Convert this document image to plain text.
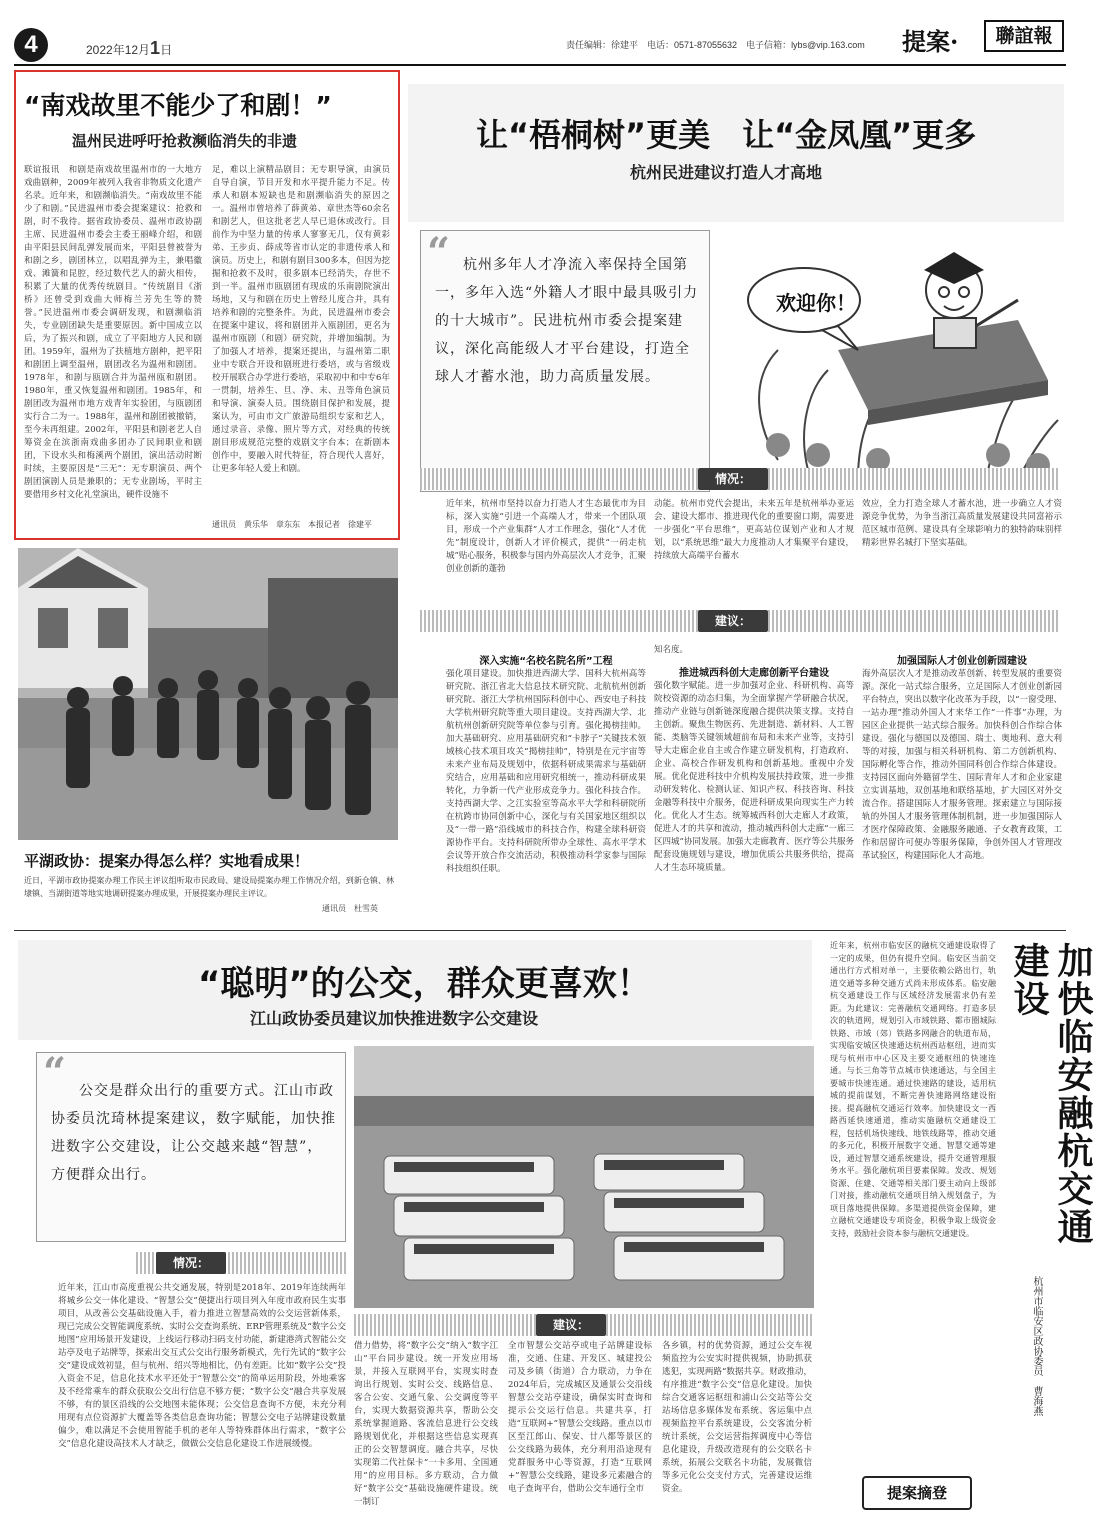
4	2022年12月1日	责任编辑：徐建平　电话：0571-87055632　电子信箱：lybs@vip.163.com 提案·	聯誼報
“南戏故里不能少了和剧！”
温州民进呼吁抢救濒临消失的非遗
联谊报讯　和剧是南戏故里温州市的一大地方戏曲剧种，2009年被列入我省非物质文化遗产名录。近年来，和剧濒临消失。“南戏故里不能少了和剧。”民进温州市委会提案建议：抢救和剧，时不我待。据省政协委员、温州市政协副主席、民进温州市委会主委王丽峰介绍，和剧由平阳县民间乱弹发展而来，平阳县曾被誉为和剧之乡，剧团林立，以唱乱弹为主，兼唱徽戏、滩簧和昆腔，经过数代艺人的薪火相传，积累了大量的优秀传统剧目。“传统剧目《浙桥》还曾受到戏曲大师梅兰芳先生等的赞誉。”民进温州市委会调研发现，和剧濒临消失，专业剧团缺失是重要原因。新中国成立以后，为了振兴和剧，成立了平阳地方人民和剧团。1959年，温州为了扶植地方剧种，把平阳和剧团上调至温州，剧团改名为温州和剧团。1978年，和剧与瓯剧合并为温州瓯和剧团。1980年，重又恢复温州和剧团。1985年，和剧团改为温州市地方戏青年实验团，与瓯剧团实行合二为一。1988年，温州和剧团被撤销，至今未再组建。2002年，平阳县和剧老艺人自筹资金在滨浙南戏曲多团办了民间职业和剧团，下设水头和梅溪两个剧团，演出活动时断时续，主要原因是“三无”：无专职演员、两个剧团演剧人员是兼职的；无专业剧场，平时主要借用乡村文化礼堂演出，硬件设施不
足，难以上演精品剧目；无专职导演，由演员自导自演，节目开发和水平提升能力不足。传承人和剧本短缺也是和剧濒临消失的原因之一。温州市曾培养了薛黄弟、章世杰等60余名和剧艺人，但这批老艺人早已退休或改行。目前作为中坚力量的传承人寥寥无几，仅有黄彩弟、王步贞、薛成等省市认定的非遗传承人和演员。历史上，和剧有剧目300多本，但因为挖掘和抢救不及时，很多剧本已经消失，存世不到一半。温州市瓯剧团有现成的乐南剧院演出场地，又与和剧在历史上曾经儿度合并，具有培养和剧的完整条件。为此，民进温州市委会在提案中建议，将和剧团并入瓯剧团，更名为温州市瓯剧（和剧）研究院，并增加编制。为了加强人才培养，提案还提出，与温州第二职业中专联合开设和剧班进行委培，或与省级戏校开展联合办学进行委培，采取初中和中专6年一贯制，培养生、旦、净、末、丑等角色演员和导演、演奏人员。围绕剧目保护和发展，提案认为，可由市文广旅游局组织专家和艺人，通过录音、录像、照片等方式，对经典的传统剧目形成规范完整的戏剧文字台本；在新剧本创作中，要融入时代特征，符合现代人喜好，让更多年轻人爱上和剧。
通讯员　黄乐华　章东东　本报记者　徐建平
平湖政协：提案办得怎么样？实地看成果！
近日，平湖市政协提案办理工作民主评议组听取市民政局、建设局提案办理工作情况介绍，到新仓镇、林埭镇、当湖街道等地实地调研提案办理成果，开展提案办理民主评议。
通讯员　杜雪英
让“梧桐树”更美　让“金凤凰”更多
杭州民进建议打造人才高地
“ 杭州多年人才净流入率保持全国第一，多年入选“外籍人才眼中最具吸引力的十大城市”。民进杭州市委会提案建议，深化高能级人才平台建设，打造全球人才蓄水池，助力高质量发展。
欢迎你！
情况：
近年来，杭州市坚持以奋力打造人才生态最优市为目标，深入实施“引进一个高端人才，带来一个团队项目，形成一个产业集群”人才工作理念，强化“人才优先”制度设计，创新人才评价模式，提供“一码走杭城”贴心服务，积极参与国内外高层次人才竞争，汇聚创业创新的蓬勃
动能。杭州市党代会提出，未来五年是杭州举办亚运会、建设大都市、推进现代化的重要窗口期，需要进一步强化“平台思维”，更高站位谋划产业和人才规划，以“系统思维”最大力度推动人才集聚平台建设，持续放大高端平台蓄水
效应，全力打造全球人才蓄水池，进一步确立人才资源竞争优势，为争当浙江高质量发展建设共同富裕示范区城市范例、建设具有全球影响力的独特韵味别样精彩世界名城打下坚实基础。
建议：
深入实施“名校名院名所”工程
强化项目建设。加快推进西湖大学、国科大杭州高等研究院、浙江省北大信息技术研究院、北航杭州创新研究院、浙江大学杭州国际科创中心、西安电子科技大学杭州研究院等重大项目建设。支持西湖大学、北航杭州创新研究院等单位参与引育。强化揭榜挂帅。加大基础研究、应用基础研究和“卡脖子”关键技术领域核心技术项目攻关“揭榜挂帅”，特别是在元宇宙等未来产业布局及规划中，依据科研成果需求与基础研究结合，应用基础和应用研究相统一，推动科研成果转化，力争新一代产业形成竞争力。强化科技合作。支持西湖大学、之江实验室等高水平大学和科研院所在杭跨市协同创新中心，深化与有关国家地区组织以及“一带一路”沿线城市的科技合作，构建全球科研资源协作平台。支持科研院所带办全球性、高水平学术会议等开放合作交流活动，积极推动科学家参与国际科技组织任职。
知名度。
推进城西科创大走廊创新平台建设
强化数字赋能。进一步加强对企业、科研机构、高等院校资源的动态归集，为全面掌握产学研融合状况，推动产业链与创新链深度融合提供决策支撑。支持自主创新。聚焦生物医药、先进制造、新材料、人工智能、类脑等关键领域超前布局和未来产业等，支持引导大走廊企业自主或合作建立研发机构，打造政府、企业、高校合作研发机构和创新基地。重视中介发展。优化促进科技中介机构发展扶持政策，进一步推动研发转化、检测认证、知识产权、科技咨询、科技金融等科技中介服务，促进科研成果向现实生产力转化。优化人才生态。统筹城西科创大走廊人才政策，促进人才的共享和流动，推动城西科创大走廊“一廊三区四城”协同发展。加强大走廊教育、医疗等公共服务配套设施规划与建设，增加优质公共服务供给，提高人才生态环境质量。
加强国际人才创业创新园建设
海外高层次人才是推动改革创新、转型发展的重要资源。深化一站式综合服务，立足国际人才创业创新园平台特点，突出以数字化改革为手段，以“一窗受理、一站办理”推动外国人才来华工作“一件事”办理，为园区企业提供一站式综合服务。加快科创合作综合体建设。强化与德国以及德国、瑞士、奥地利、意大利等的对接，加强与相关科研机构、第二方创新机构、国际孵化等合作，推动外国同科创合作综合体建设。支持园区面向外籍留学生、国际青年人才和企业家建立实训基地，双创基地和联络基地，扩大园区对外交流合作。搭建国际人才服务管理。探索建立与国际接轨的外国人才服务管理体制机制，进一步加强国际人才医疗保障政策、金融服务融通、子女教育政策，工作和居留许可便办等服务保障，争创外国人才管理改革试验区，构建国际化人才高地。
“聪明”的公交，群众更喜欢！
江山政协委员建议加快推进数字公交建设
“ 公交是群众出行的重要方式。江山市政协委员沈琦林提案建议，数字赋能，加快推进数字公交建设，让公交越来越“智慧”，方便群众出行。
情况：
近年来，江山市高度重视公共交通发展，特别是2018年、2019年连续两年将城乡公交一体化建设、“智慧公交”便捷出行项目列入年度市政府民生实事项目，从改善公交基础设施入手，着力推进立智慧高效的公交运营新体系，现已完成公交智能调度系统、实时公交查询系统、ERP管理系统及“数字公交地图”应用场景开发建设，上线运行移动扫码支付功能，新建港湾式智能公交站亭及电子站牌等，探索出交互式公交出行服务新模式，先行先试的“数字公交”建设成效初显，但与杭州、绍兴等地相比，仍有差距。比如“数字公交”投入资金不足，信息化技术水平还处于“智慧公交”的简单运用阶段，外地乘客及不经常乘车的群众获取公交出行信息不够方便；“数字公交”融合共享发展不够，有的景区沿线的公交地图未能体现；公交信息查询不方便，未充分利用现有点位资源扩大覆盖等各类信息查询功能；智慧公交电子站牌建设数量偏少，难以满足不会使用智能手机的老年人等特殊群体出行需求，“数字公交”信息化建设高技术人才缺乏，做做公交信息化建设工作进展缓慢。
建议：
借力借势，将“数字公交”纳入“数字江山”平台同步建设。统一开发应用场景，并接入互联网平台，实现实时查询出行规划、实时公交、线路信息、客合公安、交通气象、公交调度等平台，实现大数据资源共享，帮助公交系统掌握道路、客流信息进行公交线路规划优化，并根据这些信息实现真正的公交智慧调度。融合共享，尽快实现第二代社保卡“一卡多用、全国通用”的应用目标。多方联动，合力做好“数字公交”基础设施硬件建设。统一制订
全市智慧公交站亭或电子站牌建设标准，交通、住建、开发区、城建投公司及乡镇（街道）合力联动，力争在2024年后，完成城区及通景公交沿线智慧公交站亭建设，确保实时查询和提示公交运行信息。共建共享，打造“互联网+”智慧公交线路。重点以市区至江郎山、保安、廿八都等景区的公交线路为载体，充分利用沿途现有党群服务中心等资源，打造“互联网+”智慧公交线路，建设多元素融合的电子查询平台，借助公交车通行全市
各乡镇，村的优势资源，通过公交车视频监控为公安实时提供视频，协助抓获逃犯，实现两路“数据共享。财政推动，有序推进“数字公交”信息化建设。加快综合交通客运枢纽和浦山公交站等公交站场信息多媒体发布系统、客运集中点视频监控平台系统建设，公交客流分析统计系统，公交运营指挥调度中心等信息化建设，升级改造现有的公交联名卡系统，拓展公交联名卡功能，发展微信等多元化公交支付方式，完善建设运维资金。
近年来，杭州市临安区的融杭交通建设取得了一定的成果，但仍有提升空间。临安区当前交通出行方式相对单一，主要依赖公路出行，轨道交通等多种交通方式尚未形成体系。临安融杭交通建设工作与区域经济发展需求仍有差距。为此建议：完善融杭交通网络。打造多层次的轨道网，规划引入市域铁路、都市圈城际铁路、市域（郊）铁路多网融合的轨道布局，实现临安城区快速通达杭州西站枢纽，进而实现与杭州市中心区及主要交通枢纽的快速连通。与长三角等节点城市快速通达，与全国主要城市快速连通。通过快速路的建设，适用杭城的提前谋划，不断完善快速路网络建设衔接。提高融杭交通运行效率。加快建设文一西路西延快速通道，推动实施融杭交通建设工程，包括机场快速线、地铁线路等，推动交通的多元化，积极开展数字交通、智慧交通等建设，通过智慧交通系统建设，提升交通管理服务水平。强化融杭项目要素保障。发改、规划资源、住建、交通等相关部门要主动向上级部门对接，推动融杭交通项目纳入规划盘子，为项目落地提供保障。多渠道提供资金保障，建立融杭交通建设专项资金，积极争取上级资金支持，鼓励社会资本参与融杭交通建设。	加快临安融杭交通建设
杭州市临安区政协委员　曹海燕
提案摘登
